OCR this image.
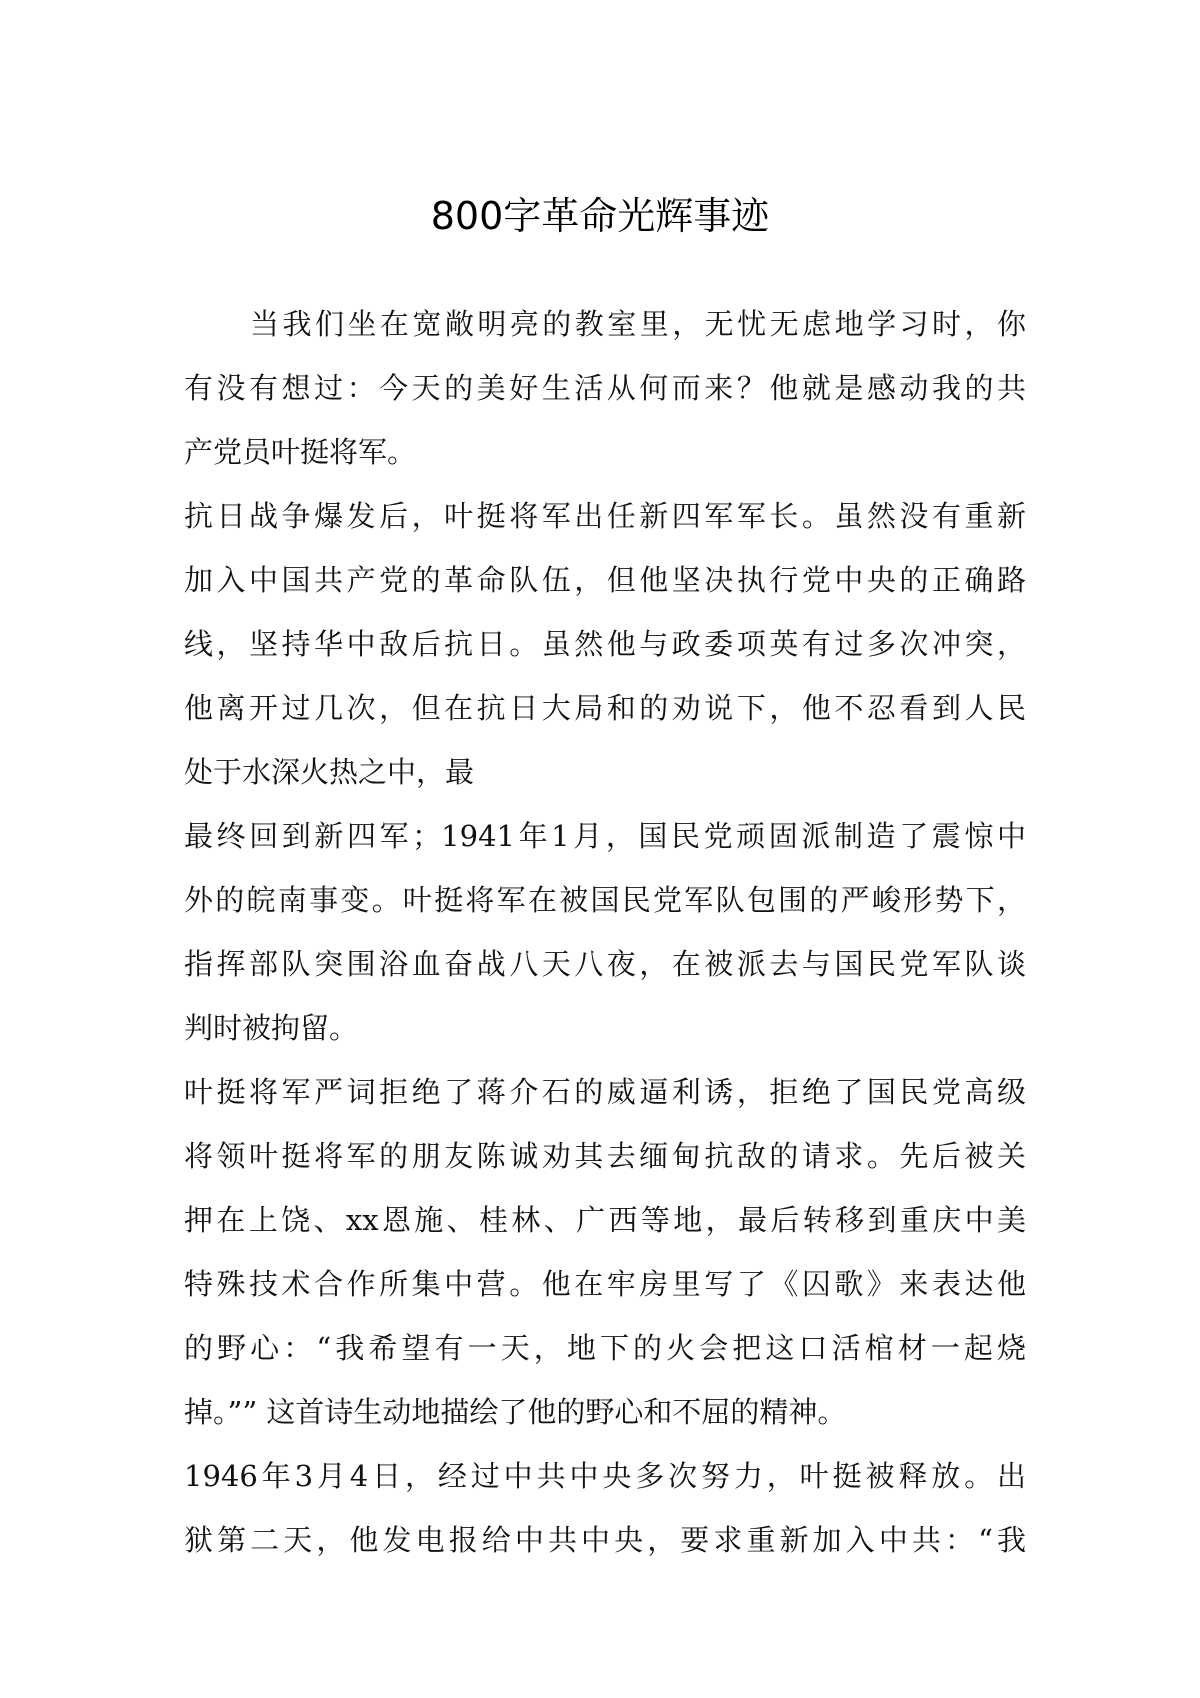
800字革命光辉事迹

当我们坐在宽敞明亮的教室里，无忧无虑地学习时，你

有没有想过：今天的美好生活从何而来？他就是感动我的共

产党员叶挺将军。

抗日战争爆发后，叶挺将军出任新四军军长。虽然没有重新

加入中国共产党的革命队伍，但他坚决执行党中央的正确路

线，坚持华中敌后抗日。虽然他与政委项英有过多次冲突，

他离开过几次，但在抗日大局和的劝说下，他不忍看到人民

处于水深火热之中，最

最终回到新四军；1941年1月，国民党顽固派制造了震惊中

外的皖南事变。叶挺将军在被国民党军队包围的严峻形势下，

指挥部队突围浴血奋战八天八夜，在被派去与国民党军队谈

判时被拘留。

叶挺将军严词拒绝了蒋介石的威逼利诱，拒绝了国民党高级

将领叶挺将军的朋友陈诚劝其去缅甸抗敌的请求。先后被关

押在上饶、xx恩施、桂林、广西等地，最后转移到重庆中美

特殊技术合作所集中营。他在牢房里写了《囚歌》来表达他

的野心：“我希望有一天，地下的火会把这口活棺材一起烧

掉。”” 这首诗生动地描绘了他的野心和不屈的精神。

1946年3月4日，经过中共中央多次努力，叶挺被释放。出

狱第二天，他发电报给中共中央，要求重新加入中共：“我
